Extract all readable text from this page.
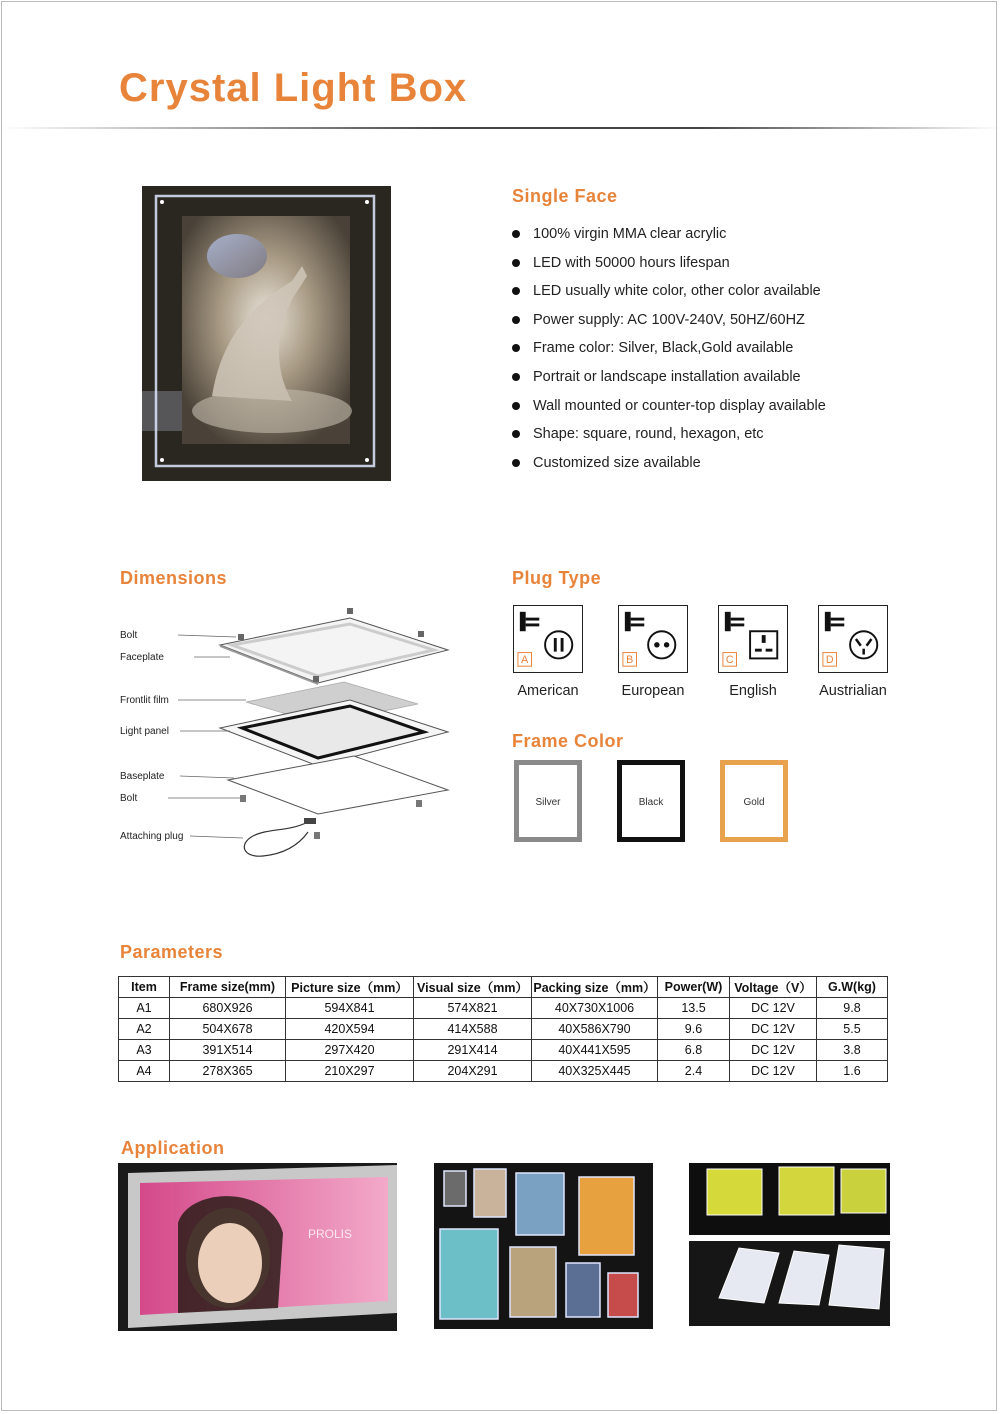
Crystal Light Box
Single Face
100% virgin MMA clear acrylic
LED with 50000 hours lifespan
LED usually white color, other color available
Power supply: AC 100V-240V, 50HZ/60HZ
Frame color: Silver, Black,Gold available
Portrait or landscape installation available
Wall mounted or counter-top display available
Shape: square, round, hexagon, etc
Customized size available
Dimensions
Bolt
Faceplate
Frontlit film
Light panel
Baseplate
Bolt
Attaching plug
Plug Type
A
American
B
European
C
English
D
Austrialian
Frame Color
Silver	Black	Gold
Parameters
Item	Frame size(mm)	Picture size（mm）	Visual size（mm）	Packing size（mm）	Power(W)	Voltage（V）	G.W(kg)
A1	680X926	594X841	574X821	40X730X1006	13.5	DC 12V	9.8
A2	504X678	420X594	414X588	40X586X790	9.6	DC 12V	5.5
A3	391X514	297X420	291X414	40X441X595	6.8	DC 12V	3.8
A4	278X365	210X297	204X291	40X325X445	2.4	DC 12V	1.6
Application
PROLIS
